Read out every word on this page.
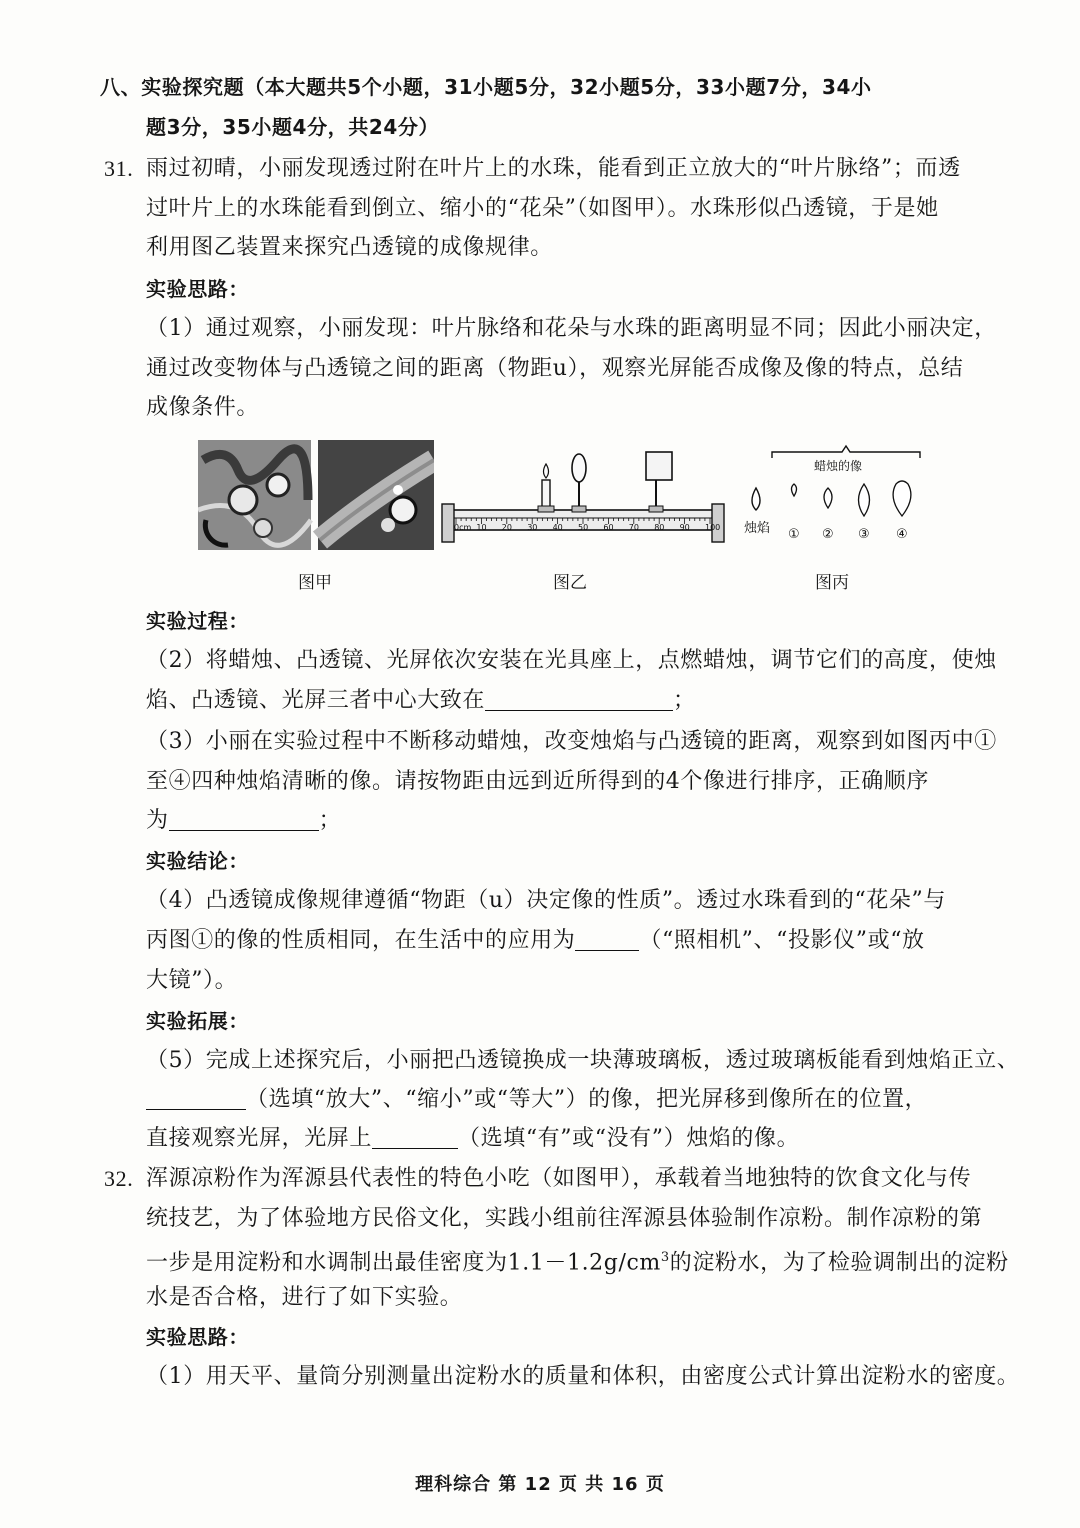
八、实验探究题（本大题共5个小题，31小题5分，32小题5分，33小题7分，34小
题3分，35小题4分，共24分）
31. 雨过初晴，小丽发现透过附在叶片上的水珠，能看到正立放大的“叶片脉络”；而透
过叶片上的水珠能看到倒立、缩小的“花朵”（如图甲）。水珠形似凸透镜，于是她
利用图乙装置来探究凸透镜的成像规律。
实验思路：
（1）通过观察，小丽发现：叶片脉络和花朵与水珠的距离明显不同；因此小丽决定，
通过改变物体与凸透镜之间的距离（物距u），观察光屏能否成像及像的特点，总结
成像条件。
图甲
0cm 10 20 30 40 50 60 70 80 90 100
图乙
蜡烛的像
烛焰 ① ② ③ ④
图丙
实验过程：
（2）将蜡烛、凸透镜、光屏依次安装在光具座上，点燃蜡烛，调节它们的高度，使烛
焰、凸透镜、光屏三者中心大致在	；
（3）小丽在实验过程中不断移动蜡烛，改变烛焰与凸透镜的距离，观察到如图丙中①
至④四种烛焰清晰的像。请按物距由远到近所得到的4个像进行排序，正确顺序
为	；
实验结论：
（4）凸透镜成像规律遵循“物距（u）决定像的性质”。透过水珠看到的“花朵”与
丙图①的像的性质相同，在生活中的应用为	（“照相机”、“投影仪”或“放
大镜”）。
实验拓展：
（5）完成上述探究后，小丽把凸透镜换成一块薄玻璃板，透过玻璃板能看到烛焰正立、
（选填“放大”、“缩小”或“等大”）的像，把光屏移到像所在的位置，
直接观察光屏，光屏上	（选填“有”或“没有”）烛焰的像。
32. 浑源凉粉作为浑源县代表性的特色小吃（如图甲），承载着当地独特的饮食文化与传
统技艺，为了体验地方民俗文化，实践小组前往浑源县体验制作凉粉。制作凉粉的第
一步是用淀粉和水调制出最佳密度为$1.1-1.2g/cm^3$的淀粉水，为了检验调制出的淀粉
水是否合格，进行了如下实验。
实验思路：
（1）用天平、量筒分别测量出淀粉水的质量和体积，由密度公式计算出淀粉水的密度。
理科综合 第 12 页 共 16 页
